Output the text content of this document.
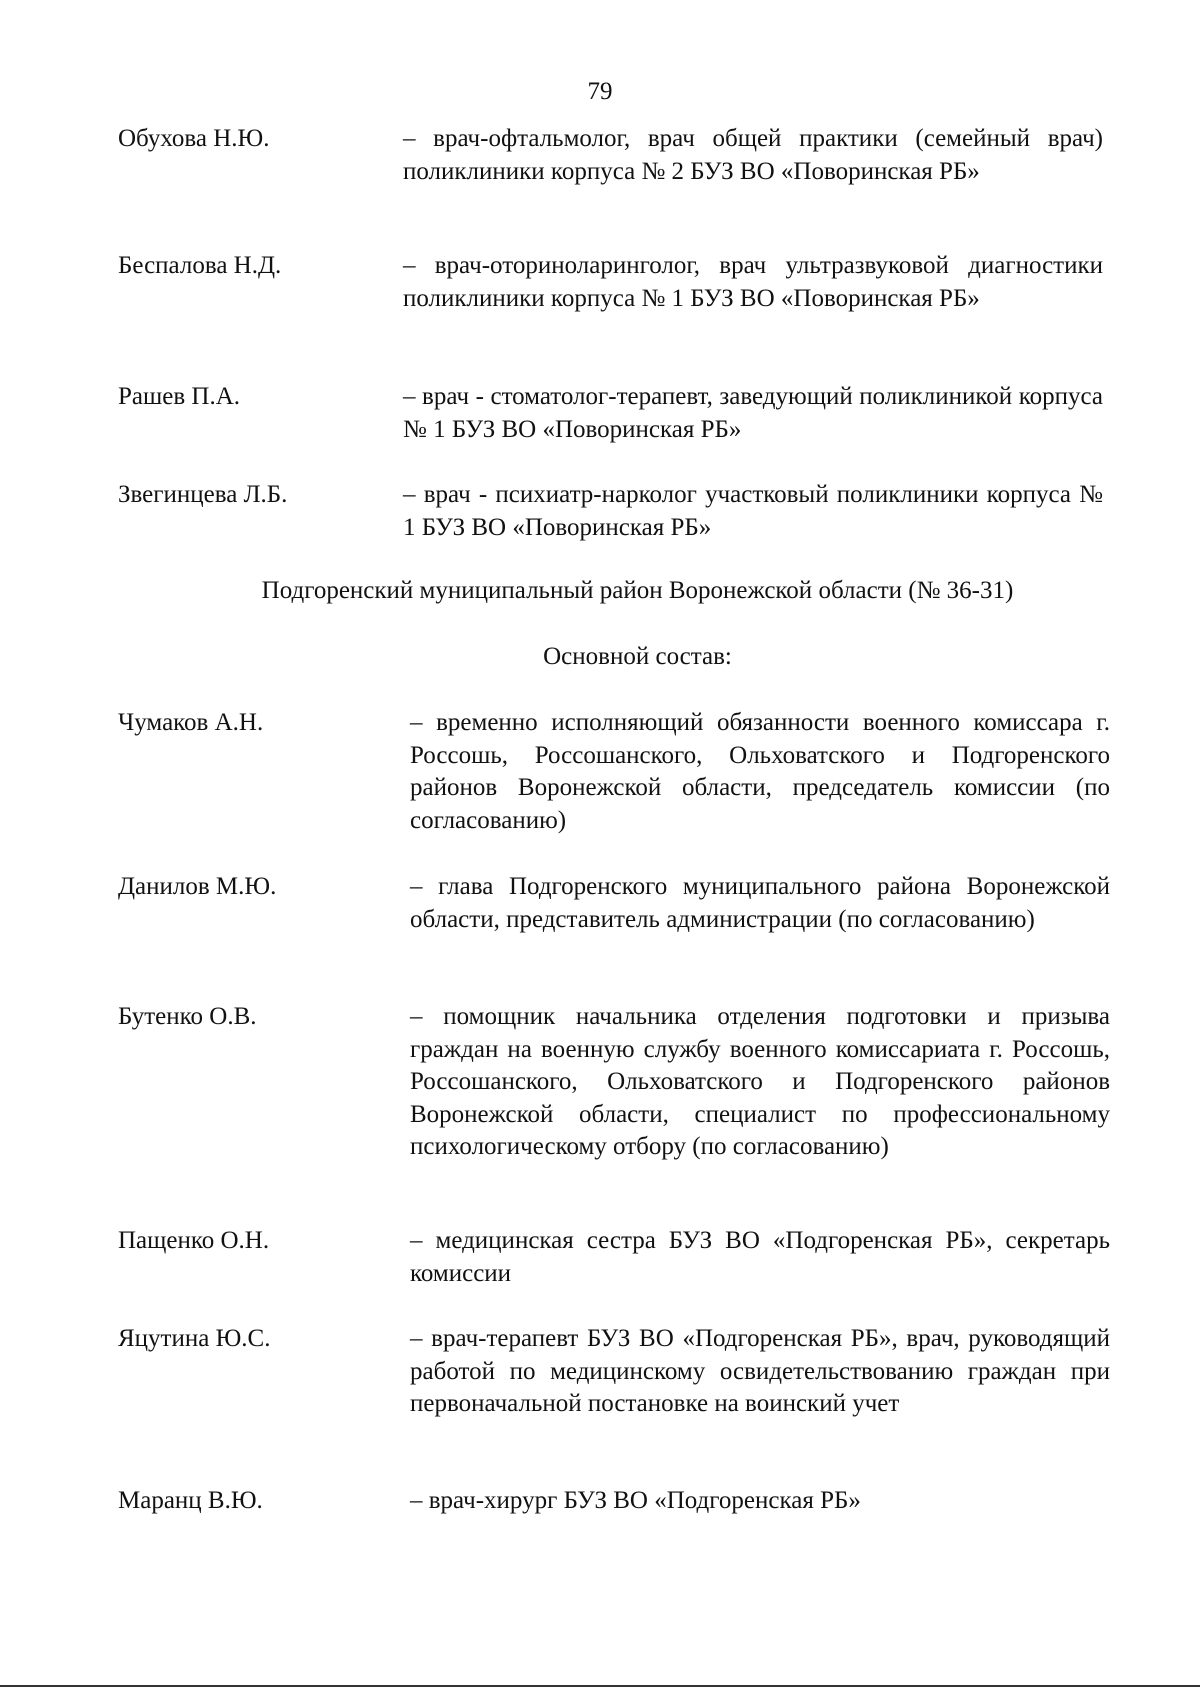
79
Обухова Н.Ю.	– врач-офтальмолог, врач общей практики (семейный врач) поликлиники корпуса № 2 БУЗ ВО «Поворинская РБ»
Беспалова Н.Д.	– врач-оториноларинголог, врач ультразвуковой диагностики поликлиники корпуса № 1 БУЗ ВО «Поворинская РБ»
Рашев П.А.	– врач - стоматолог-терапевт, заведующий поликлиникой корпуса № 1 БУЗ ВО «Поворинская РБ»
Звегинцева Л.Б.	– врач - психиатр-нарколог участковый поликлиники корпуса № 1 БУЗ ВО «Поворинская РБ»
Подгоренский муниципальный район Воронежской области (№ 36-31)
Основной состав:
Чумаков А.Н.	– временно исполняющий обязанности военного комиссара г. Россошь, Россошанского, Ольховатского и Подгоренского районов Воронежской области, председатель комиссии (по согласованию)
Данилов М.Ю.	– глава Подгоренского муниципального района Воронежской области, представитель администрации (по согласованию)
Бутенко О.В.	– помощник начальника отделения подготовки и призыва граждан на военную службу военного комиссариата г. Россошь, Россошанского, Ольховатского и Подгоренского районов Воронежской области, специалист по профессиональному психологическому отбору (по согласованию)
Пащенко О.Н.	– медицинская сестра БУЗ ВО «Подгоренская РБ», секретарь комиссии
Яцутина Ю.С.	– врач-терапевт БУЗ ВО «Подгоренская РБ», врач, руководящий работой по медицинскому освидетельствованию граждан при первоначальной постановке на воинский учет
Маранц В.Ю.	– врач-хирург БУЗ ВО «Подгоренская РБ»
